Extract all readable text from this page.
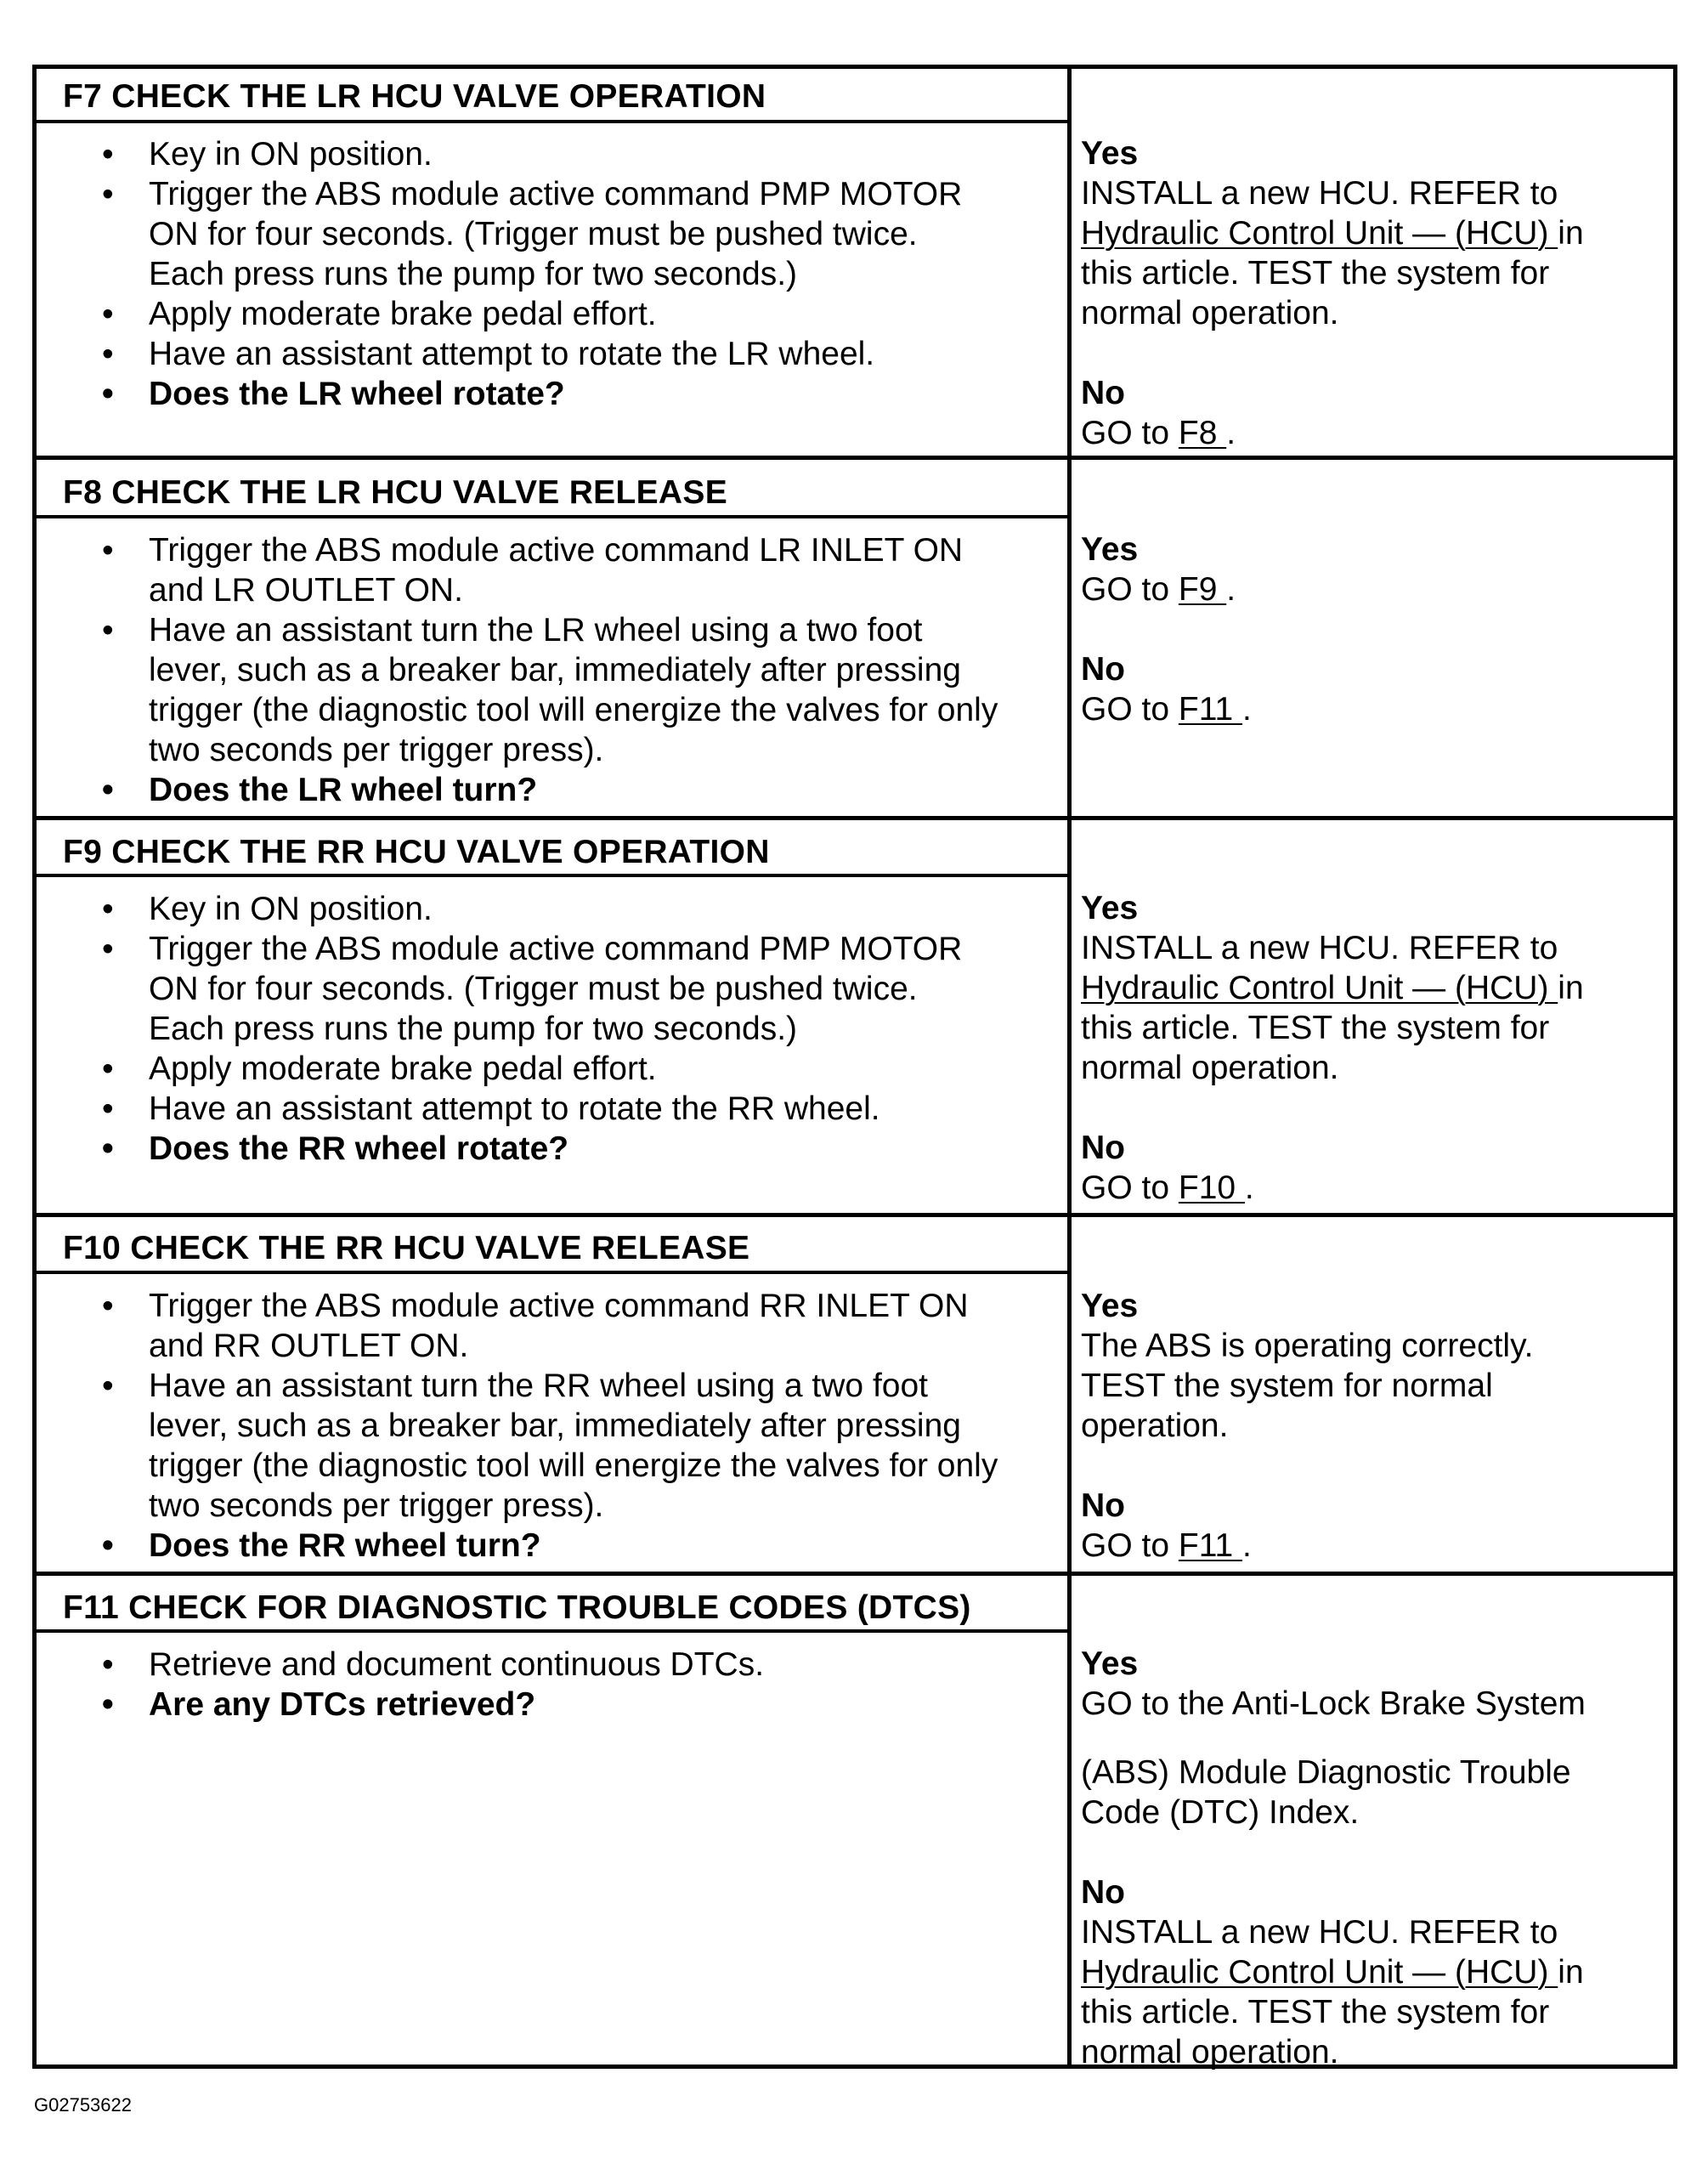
F7 CHECK THE LR HCU VALVE OPERATION
• Key in ON position.
• Trigger the ABS module active command PMP MOTOR
ON for four seconds. (Trigger must be pushed twice.
Each press runs the pump for two seconds.)
• Apply moderate brake pedal effort.
• Have an assistant attempt to rotate the LR wheel.
• Does the LR wheel rotate?
Yes
INSTALL a new HCU. REFER to
Hydraulic Control Unit — (HCU) in
this article. TEST the system for
normal operation.
No
GO to F8 .
F8 CHECK THE LR HCU VALVE RELEASE
• Trigger the ABS module active command LR INLET ON
and LR OUTLET ON.
• Have an assistant turn the LR wheel using a two foot
lever, such as a breaker bar, immediately after pressing
trigger (the diagnostic tool will energize the valves for only
two seconds per trigger press).
• Does the LR wheel turn?
Yes
GO to F9 .
No
GO to F11 .
F9 CHECK THE RR HCU VALVE OPERATION
• Key in ON position.
• Trigger the ABS module active command PMP MOTOR
ON for four seconds. (Trigger must be pushed twice.
Each press runs the pump for two seconds.)
• Apply moderate brake pedal effort.
• Have an assistant attempt to rotate the RR wheel.
• Does the RR wheel rotate?
Yes
INSTALL a new HCU. REFER to
Hydraulic Control Unit — (HCU) in
this article. TEST the system for
normal operation.
No
GO to F10 .
F10 CHECK THE RR HCU VALVE RELEASE
• Trigger the ABS module active command RR INLET ON
and RR OUTLET ON.
• Have an assistant turn the RR wheel using a two foot
lever, such as a breaker bar, immediately after pressing
trigger (the diagnostic tool will energize the valves for only
two seconds per trigger press).
• Does the RR wheel turn?
Yes
The ABS is operating correctly.
TEST the system for normal
operation.
No
GO to F11 .
F11 CHECK FOR DIAGNOSTIC TROUBLE CODES (DTCS)
• Retrieve and document continuous DTCs.
• Are any DTCs retrieved?
Yes
GO to the Anti-Lock Brake System
(ABS) Module Diagnostic Trouble
Code (DTC) Index.
No
INSTALL a new HCU. REFER to
Hydraulic Control Unit — (HCU) in
this article. TEST the system for
normal operation.
G02753622
